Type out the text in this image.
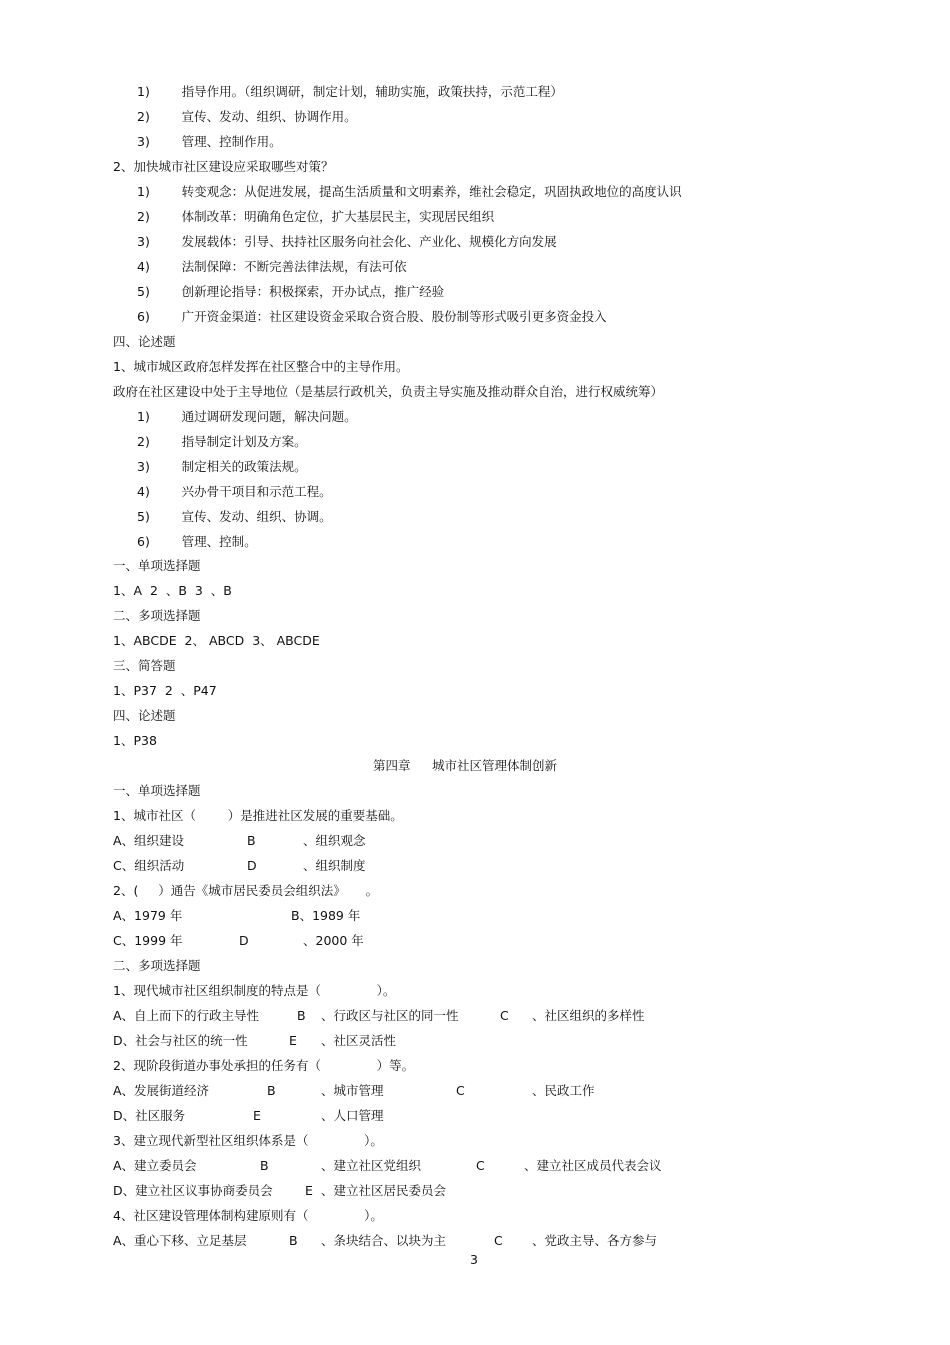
1)        指导作用。（组织调研，制定计划，辅助实施，政策扶持，示范工程）
2)        宣传、发动、组织、协调作用。
3)        管理、控制作用。
2、加快城市社区建设应采取哪些对策？
1)        转变观念：从促进发展，提高生活质量和文明素养，维社会稳定，巩固执政地位的高度认识
2)        体制改革：明确角色定位，扩大基层民主，实现居民组织
3)        发展载体：引导、扶持社区服务向社会化、产业化、规模化方向发展
4)        法制保障：不断完善法律法规，有法可依
5)        创新理论指导：积极探索，开办试点，推广经验
6)        广开资金渠道：社区建设资金采取合资合股、股份制等形式吸引更多资金投入
四、论述题
1、城市城区政府怎样发挥在社区整合中的主导作用。
政府在社区建设中处于主导地位（是基层行政机关，负责主导实施及推动群众自治，进行权威统筹）
1)        通过调研发现问题，解决问题。
2)        指导制定计划及方案。
3)        制定相关的政策法规。
4)        兴办骨干项目和示范工程。
5)        宣传、发动、组织、协调。
6)        管理、控制。
一、单项选择题
1、A  2  、B  3  、B
二、多项选择题
1、ABCDE  2、 ABCD  3、 ABCDE
三、简答题
1、P37  2  、P47
四、论述题
1、P38
第四章 城市社区管理体制创新
一、单项选择题
1、城市社区（        ）是推进社区发展的重要基础。
A、组织建设	B	、组织观念
C、组织活动	D	、组织制度
2、(     ）通告《城市居民委员会组织法》     。
A、1979 年	B、1989 年
C、1999 年	D	、2000 年
二、多项选择题
1、现代城市社区组织制度的特点是（              ）。
A、自上而下的行政主导性	B 、行政区与社区的同一性	C 、社区组织的多样性
D、社会与社区的统一性	E 、社区灵活性
2、现阶段街道办事处承担的任务有（              ）等。
A、发展街道经济	B	、城市管理	C	、民政工作
D、社区服务	E	、人口管理
3、建立现代新型社区组织体系是（              ）。
A、建立委员会	B	、建立社区党组织	C	、建立社区成员代表会议
D、建立社区议事协商委员会	E 、建立社区居民委员会
4、社区建设管理体制构建原则有（              ）。
A、重心下移、立足基层	B 、条块结合、以块为主	C 、党政主导、各方参与
3
